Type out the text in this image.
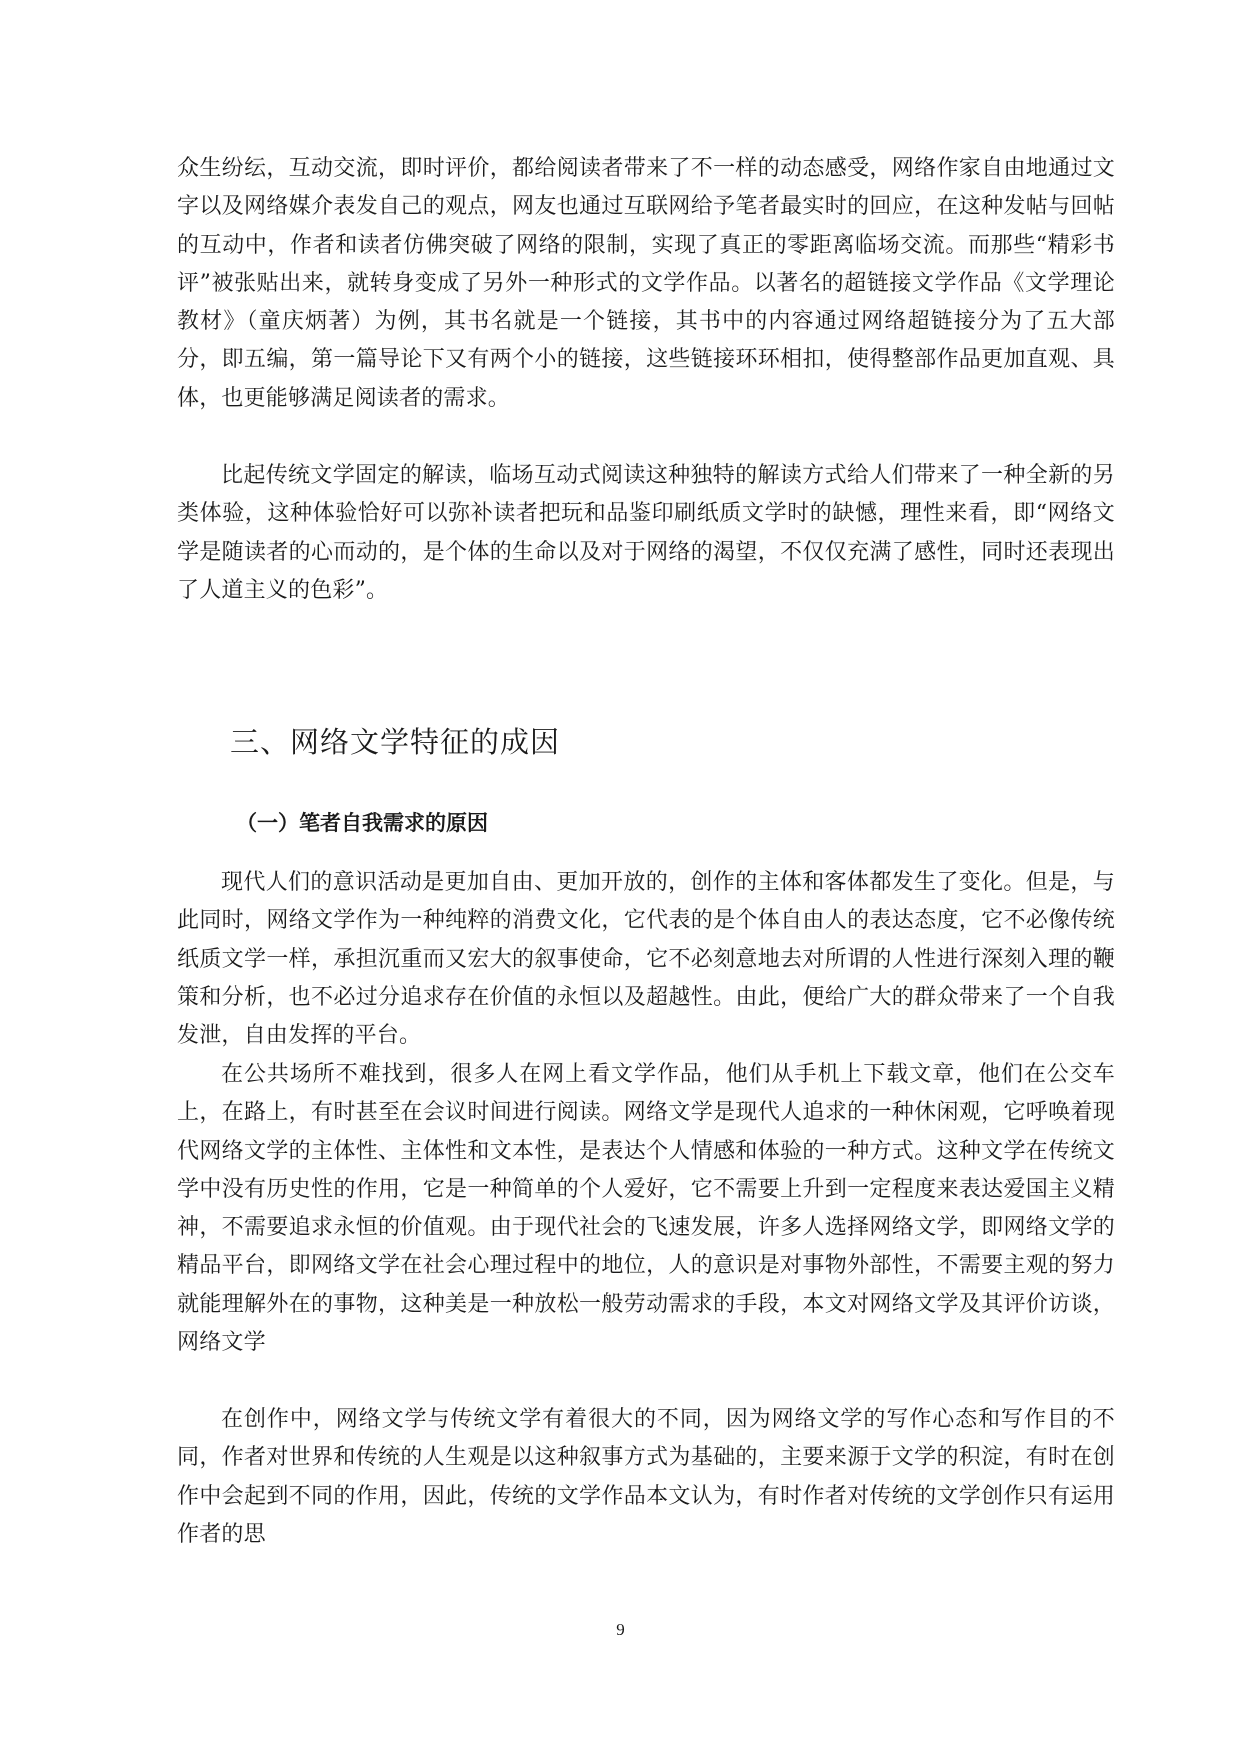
众生纷纭，互动交流，即时评价，都给阅读者带来了不一样的动态感受，网络作家自由地通过文字以及网络媒介表发自己的观点，网友也通过互联网给予笔者最实时的回应，在这种发帖与回帖的互动中，作者和读者仿佛突破了网络的限制，实现了真正的零距离临场交流。而那些“精彩书评”被张贴出来，就转身变成了另外一种形式的文学作品。以著名的超链接文学作品《文学理论教材》（童庆炳著）为例，其书名就是一个链接，其书中的内容通过网络超链接分为了五大部分，即五编，第一篇导论下又有两个小的链接，这些链接环环相扣，使得整部作品更加直观、具体，也更能够满足阅读者的需求。

比起传统文学固定的解读，临场互动式阅读这种独特的解读方式给人们带来了一种全新的另类体验，这种体验恰好可以弥补读者把玩和品鉴印刷纸质文学时的缺憾，理性来看，即“网络文学是随读者的心而动的，是个体的生命以及对于网络的渴望，不仅仅充满了感性，同时还表现出了人道主义的色彩”。

三、网络文学特征的成因
（一）笔者自我需求的原因

现代人们的意识活动是更加自由、更加开放的，创作的主体和客体都发生了变化。但是，与此同时，网络文学作为一种纯粹的消费文化，它代表的是个体自由人的表达态度，它不必像传统纸质文学一样，承担沉重而又宏大的叙事使命，它不必刻意地去对所谓的人性进行深刻入理的鞭策和分析，也不必过分追求存在价值的永恒以及超越性。由此，便给广大的群众带来了一个自我发泄，自由发挥的平台。

在公共场所不难找到，很多人在网上看文学作品，他们从手机上下载文章，他们在公交车上，在路上，有时甚至在会议时间进行阅读。网络文学是现代人追求的一种休闲观，它呼唤着现代网络文学的主体性、主体性和文本性，是表达个人情感和体验的一种方式。这种文学在传统文学中没有历史性的作用，它是一种简单的个人爱好，它不需要上升到一定程度来表达爱国主义精神，不需要追求永恒的价值观。由于现代社会的飞速发展，许多人选择网络文学，即网络文学的精品平台，即网络文学在社会心理过程中的地位，人的意识是对事物外部性，不需要主观的努力就能理解外在的事物，这种美是一种放松一般劳动需求的手段，本文对网络文学及其评价访谈，网络文学

在创作中，网络文学与传统文学有着很大的不同，因为网络文学的写作心态和写作目的不同，作者对世界和传统的人生观是以这种叙事方式为基础的，主要来源于文学的积淀，有时在创作中会起到不同的作用，因此，传统的文学作品本文认为，有时作者对传统的文学创作只有运用作者的思

9
